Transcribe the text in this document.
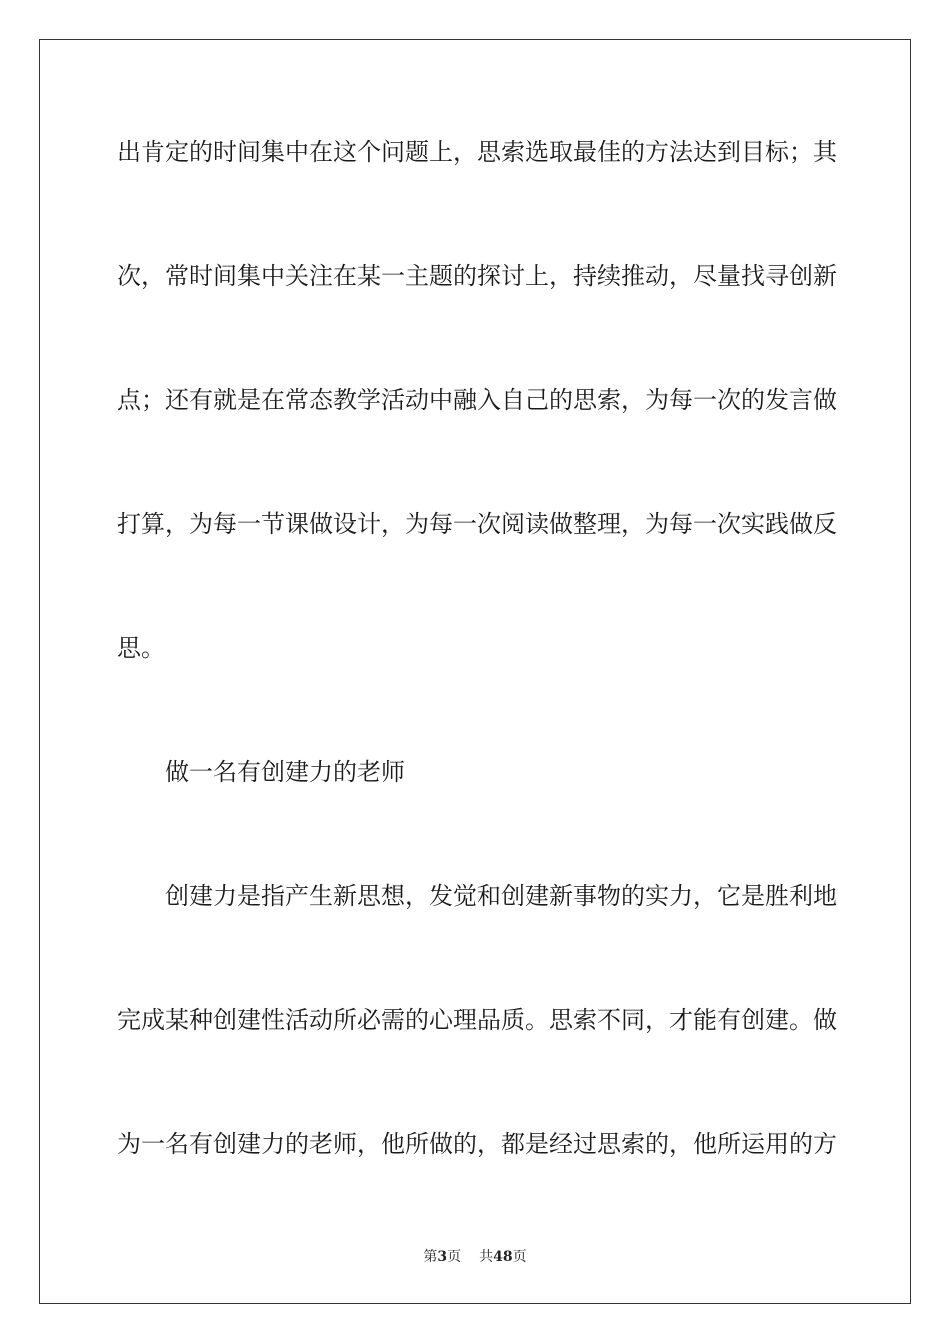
出肯定的时间集中在这个问题上，思索选取最佳的方法达到目标；其
次，常时间集中关注在某一主题的探讨上，持续推动，尽量找寻创新
点；还有就是在常态教学活动中融入自己的思索，为每一次的发言做
打算，为每一节课做设计，为每一次阅读做整理，为每一次实践做反
思。
做一名有创建力的老师
创建力是指产生新思想，发觉和创建新事物的实力，它是胜利地
完成某种创建性活动所必需的心理品质。思索不同，才能有创建。做
为一名有创建力的老师，他所做的，都是经过思索的，他所运用的方
第3页 共48页
